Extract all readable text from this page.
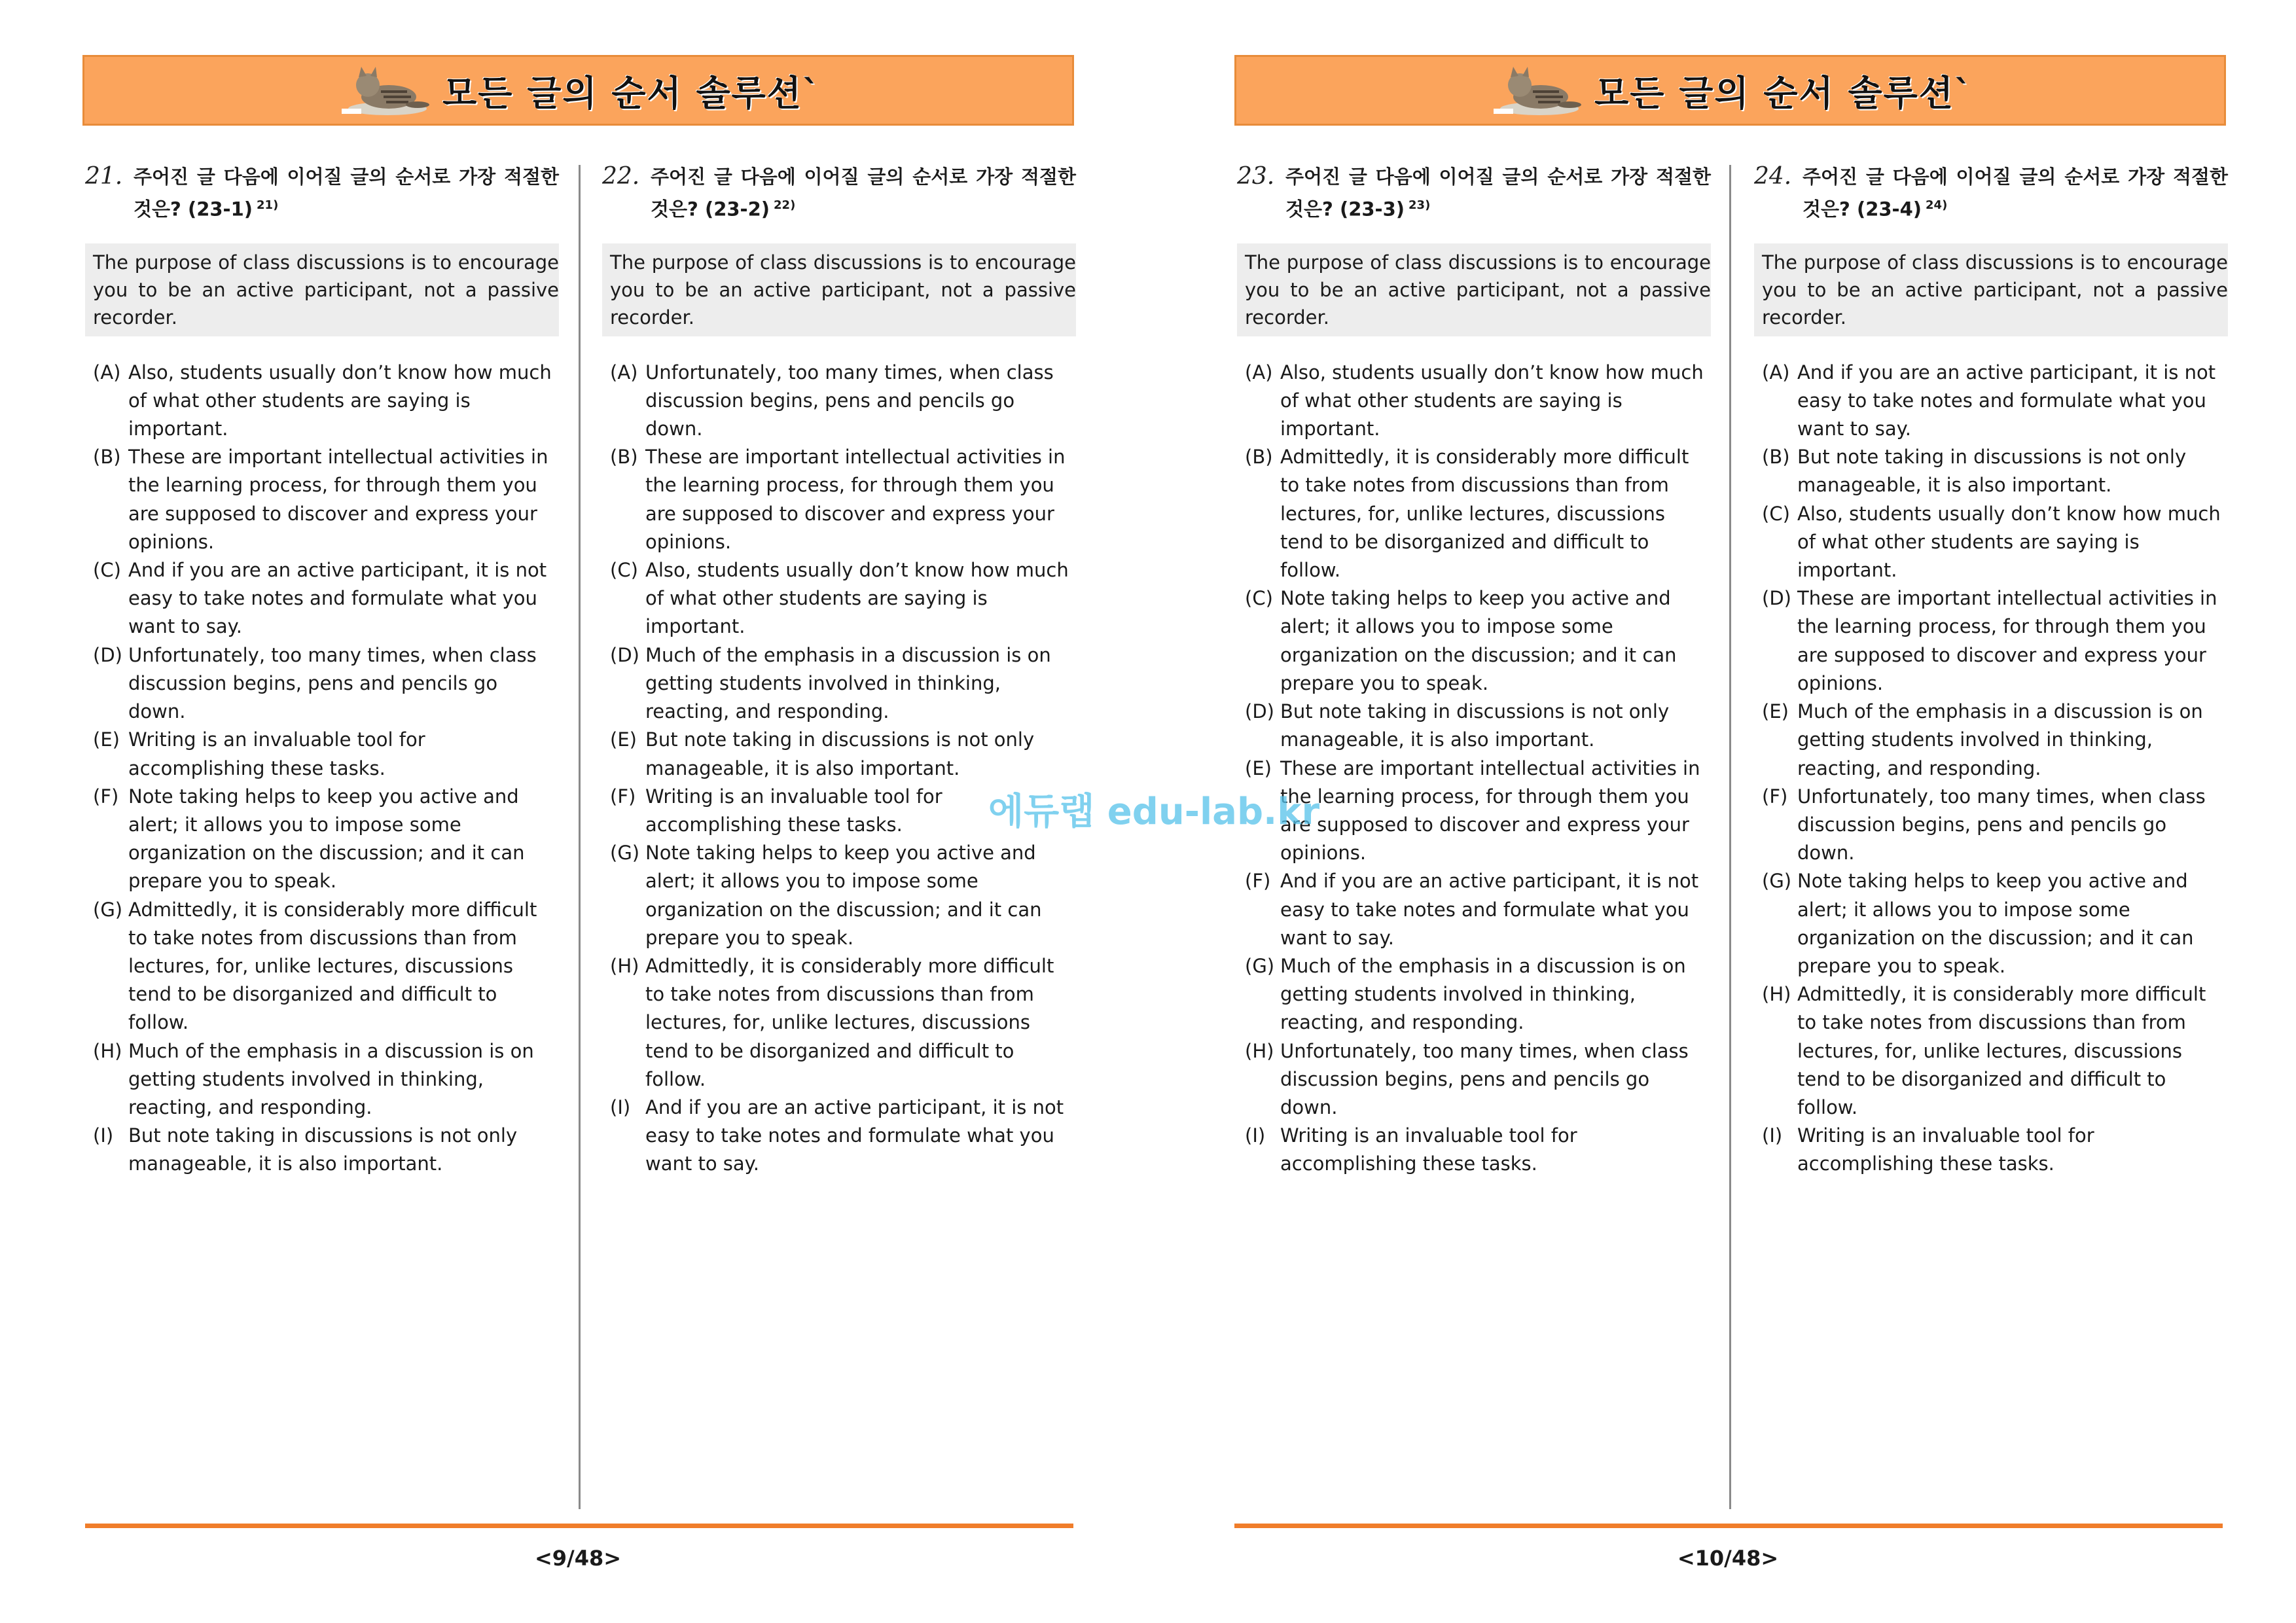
모든 글의 순서 솔루션`
21. 주어진 글 다음에 이어질 글의 순서로 가장 적절한 것은? (23-1) $^{21)}$
The purpose of class discussions is to encourage you to be an active participant, not a passive recorder.
(A) Also, students usually don’t know how much of what other students are saying is important.
(B) These are important intellectual activities in the learning process, for through them you are supposed to discover and express your opinions.
(C) And if you are an active participant, it is not easy to take notes and formulate what you want to say.
(D) Unfortunately, too many times, when class discussion begins, pens and pencils go down.
(E) Writing is an invaluable tool for accomplishing these tasks.
(F) Note taking helps to keep you active and alert; it allows you to impose some organization on the discussion; and it can prepare you to speak.
(G) Admittedly, it is considerably more difficult to take notes from discussions than from lectures, for, unlike lectures, discussions tend to be disorganized and difficult to follow.
(H) Much of the emphasis in a discussion is on getting students involved in thinking, reacting, and responding.
(I) But note taking in discussions is not only manageable, it is also important.
22. 주어진 글 다음에 이어질 글의 순서로 가장 적절한 것은? (23-2) $^{22)}$
The purpose of class discussions is to encourage you to be an active participant, not a passive recorder.
(A) Unfortunately, too many times, when class discussion begins, pens and pencils go down.
(B) These are important intellectual activities in the learning process, for through them you are supposed to discover and express your opinions.
(C) Also, students usually don’t know how much of what other students are saying is important.
(D) Much of the emphasis in a discussion is on getting students involved in thinking, reacting, and responding.
(E) But note taking in discussions is not only manageable, it is also important.
(F) Writing is an invaluable tool for accomplishing these tasks.
(G) Note taking helps to keep you active and alert; it allows you to impose some organization on the discussion; and it can prepare you to speak.
(H) Admittedly, it is considerably more difficult to take notes from discussions than from lectures, for, unlike lectures, discussions tend to be disorganized and difficult to follow.
(I) And if you are an active participant, it is not easy to take notes and formulate what you want to say.
<9/48>
모든 글의 순서 솔루션`
23. 주어진 글 다음에 이어질 글의 순서로 가장 적절한 것은? (23-3) $^{23)}$
The purpose of class discussions is to encourage you to be an active participant, not a passive recorder.
(A) Also, students usually don’t know how much of what other students are saying is important.
(B) Admittedly, it is considerably more difficult to take notes from discussions than from lectures, for, unlike lectures, discussions tend to be disorganized and difficult to follow.
(C) Note taking helps to keep you active and alert; it allows you to impose some organization on the discussion; and it can prepare you to speak.
(D) But note taking in discussions is not only manageable, it is also important.
(E) These are important intellectual activities in the learning process, for through them you are supposed to discover and express your opinions.
(F) And if you are an active participant, it is not easy to take notes and formulate what you want to say.
(G) Much of the emphasis in a discussion is on getting students involved in thinking, reacting, and responding.
(H) Unfortunately, too many times, when class discussion begins, pens and pencils go down.
(I) Writing is an invaluable tool for accomplishing these tasks.
24. 주어진 글 다음에 이어질 글의 순서로 가장 적절한 것은? (23-4) $^{24)}$
The purpose of class discussions is to encourage you to be an active participant, not a passive recorder.
(A) And if you are an active participant, it is not easy to take notes and formulate what you want to say.
(B) But note taking in discussions is not only manageable, it is also important.
(C) Also, students usually don’t know how much of what other students are saying is important.
(D) These are important intellectual activities in the learning process, for through them you are supposed to discover and express your opinions.
(E) Much of the emphasis in a discussion is on getting students involved in thinking, reacting, and responding.
(F) Unfortunately, too many times, when class discussion begins, pens and pencils go down.
(G) Note taking helps to keep you active and alert; it allows you to impose some organization on the discussion; and it can prepare you to speak.
(H) Admittedly, it is considerably more difficult to take notes from discussions than from lectures, for, unlike lectures, discussions tend to be disorganized and difficult to follow.
(I) Writing is an invaluable tool for accomplishing these tasks.
<10/48>
에듀랩 edu-lab.kr
